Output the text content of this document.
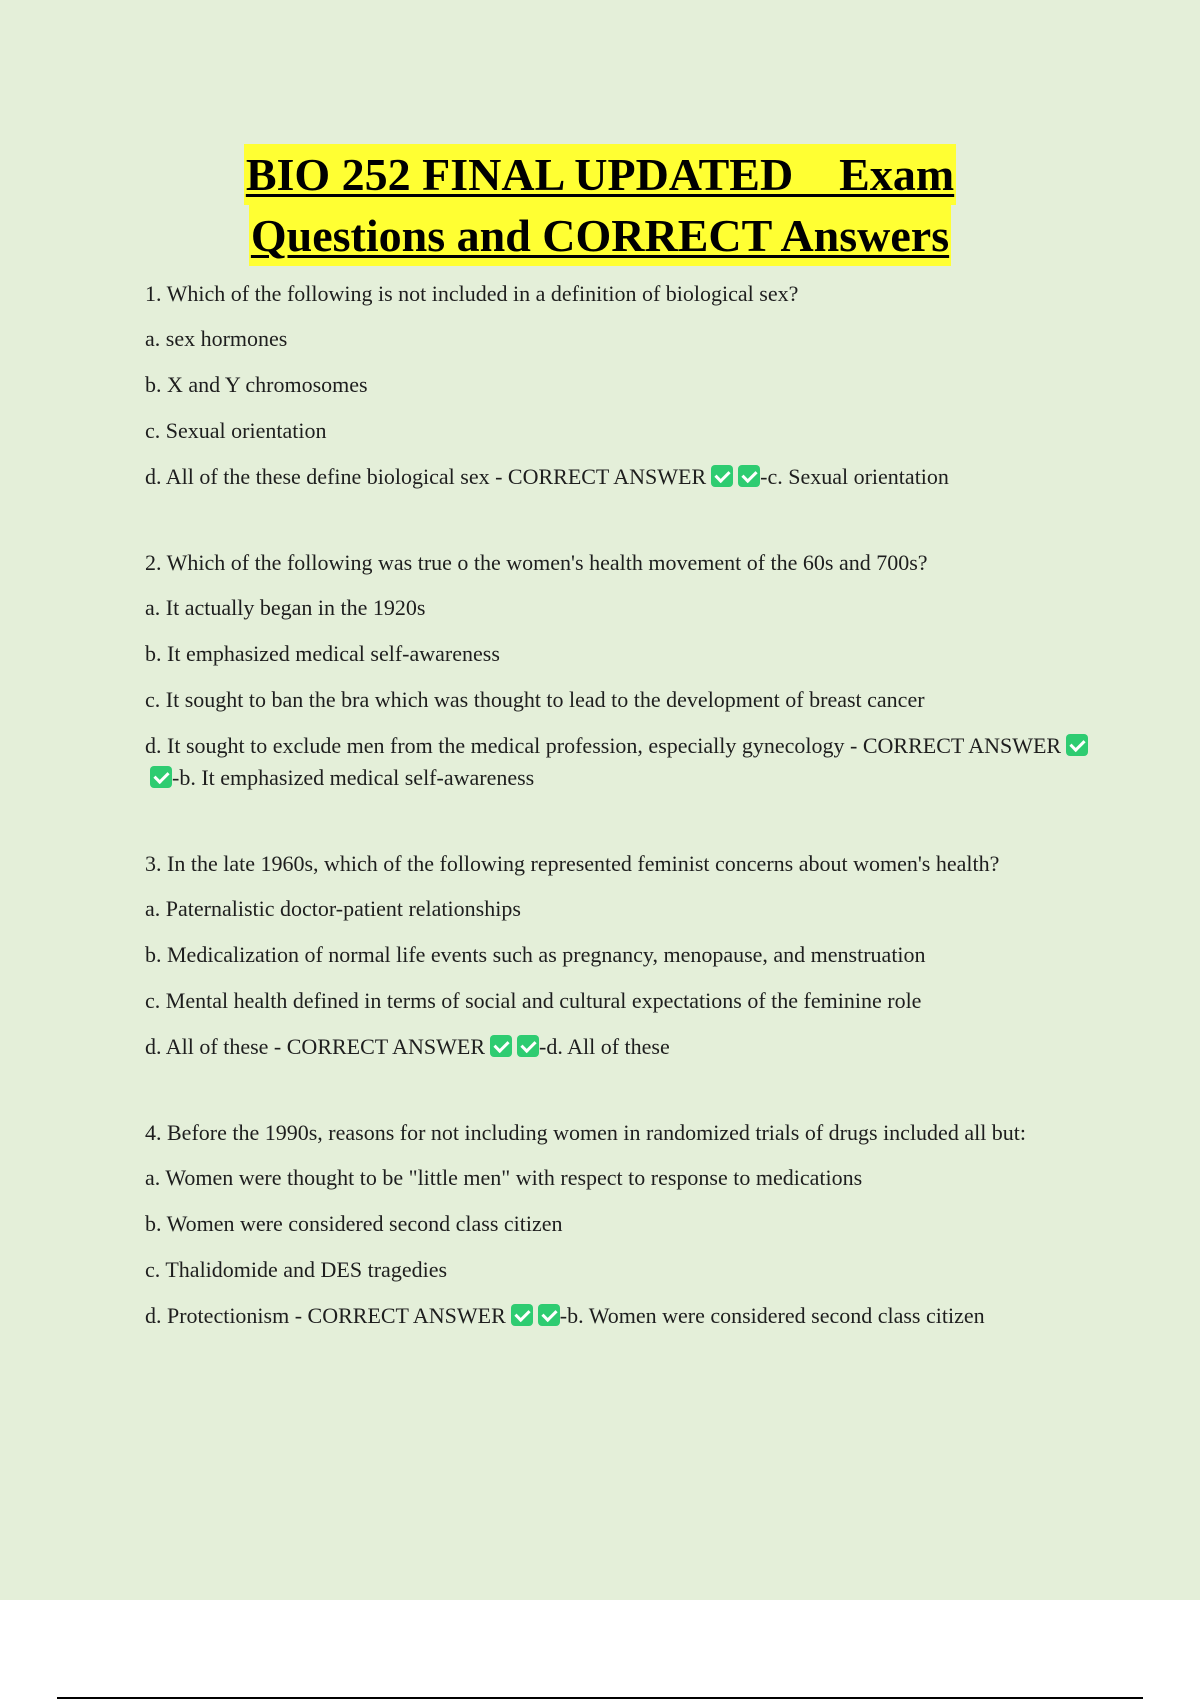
BIO 252 FINAL UPDATED    Exam
Questions and CORRECT Answers

1. Which of the following is not included in a definition of biological sex?

a. sex hormones

b. X and Y chromosomes

c. Sexual orientation

d. All of the these define biological sex - CORRECT ANSWER -c. Sexual orientation

2. Which of the following was true o the women's health movement of the 60s and 700s?

a. It actually began in the 1920s

b. It emphasized medical self-awareness

c. It sought to ban the bra which was thought to lead to the development of breast cancer

d. It sought to exclude men from the medical profession, especially gynecology - CORRECT ANSWER-b. It emphasized medical self-awareness

3. In the late 1960s, which of the following represented feminist concerns about women's health?

a. Paternalistic doctor-patient relationships

b. Medicalization of normal life events such as pregnancy, menopause, and menstruation

c. Mental health defined in terms of social and cultural expectations of the feminine role

d. All of these - CORRECT ANSWER -d. All of these

4. Before the 1990s, reasons for not including women in randomized trials of drugs included all but:

a. Women were thought to be "little men" with respect to response to medications

b. Women were considered second class citizen

c. Thalidomide and DES tragedies

d. Protectionism - CORRECT ANSWER -b. Women were considered second class citizen
